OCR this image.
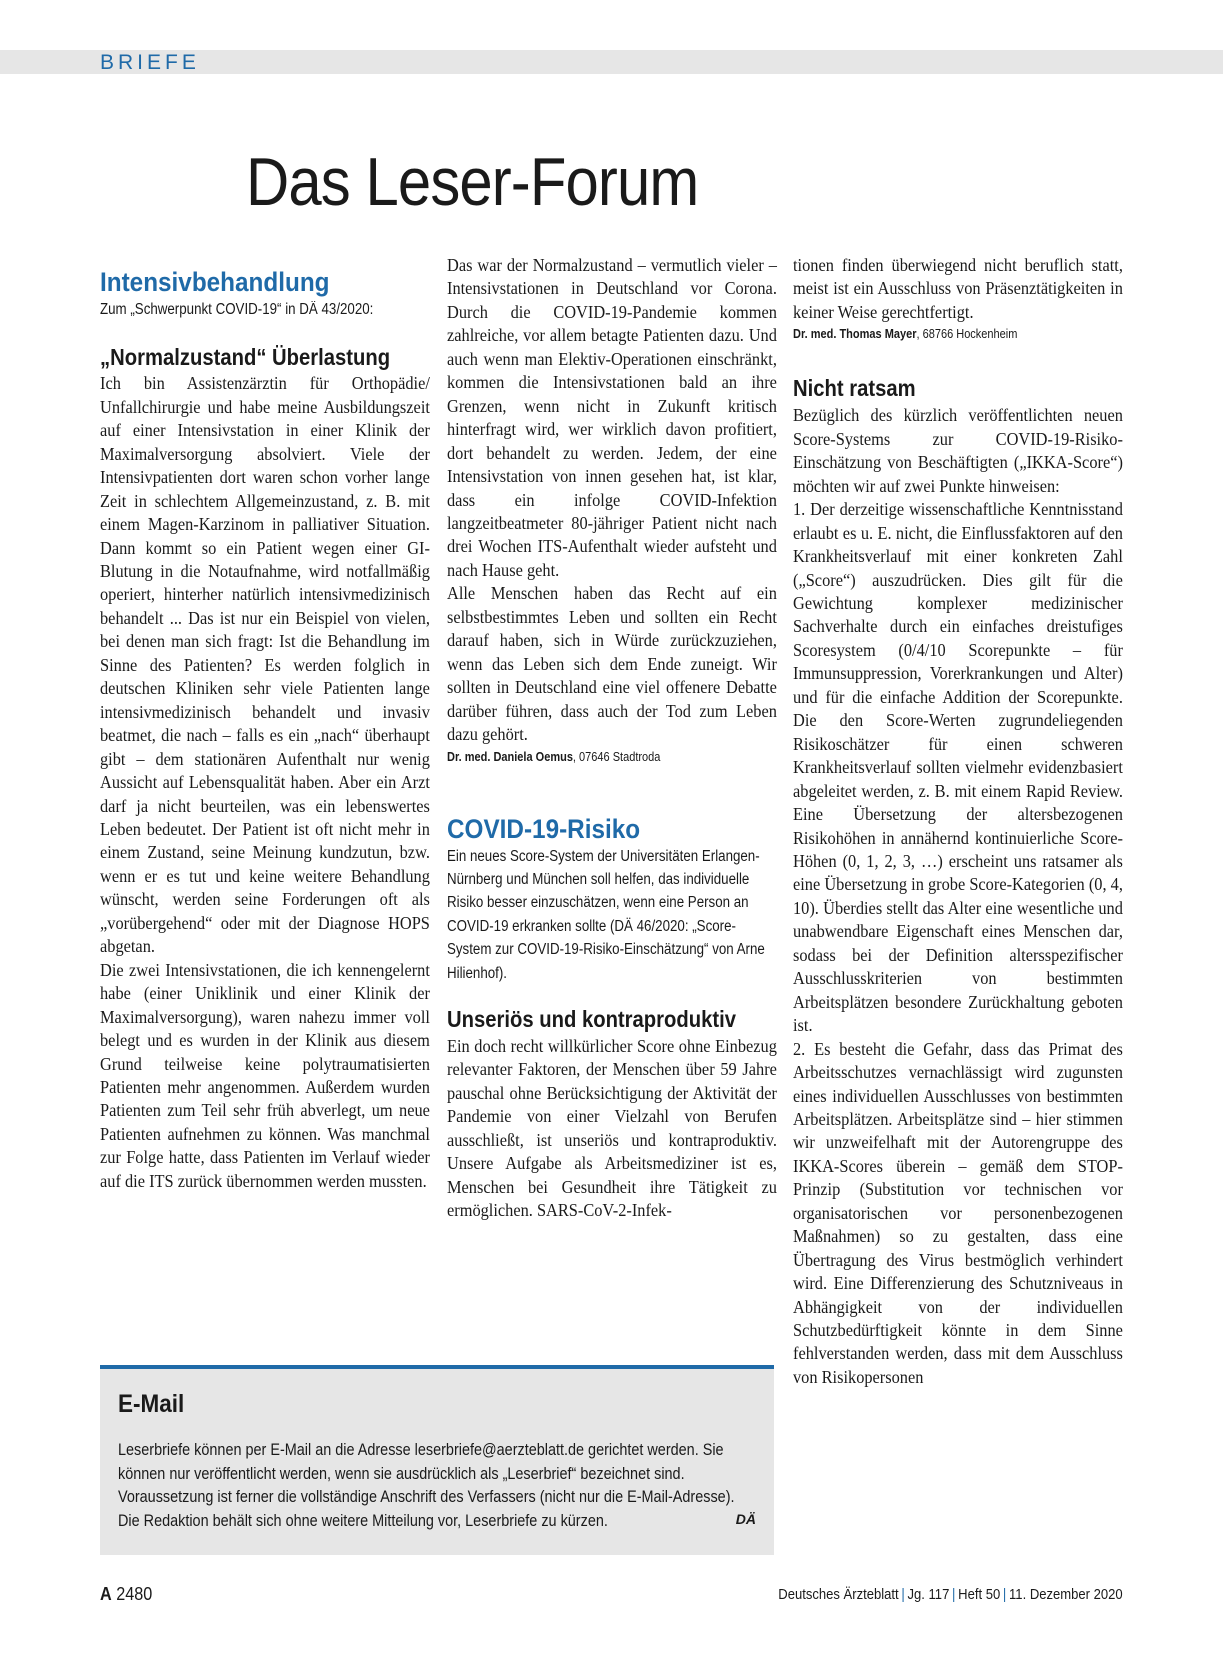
BRIEFE
Das Leser-Forum
Intensivbehandlung

Zum „Schwerpunkt COVID-19“ in DÄ 43/2020:

„Normalzustand“ Überlastung

Ich bin Assistenzärztin für Orthopädie/ Unfallchirurgie und habe meine Ausbildungszeit auf einer Intensivstation in einer Klinik der Maximalversorgung absolviert. Viele der Intensivpatienten dort waren schon vorher lange Zeit in schlechtem Allgemeinzustand, z. B. mit einem Magen-Karzinom in palliativer Situation. Dann kommt so ein Patient wegen einer GI-Blutung in die Notaufnahme, wird notfallmäßig operiert, hinterher natürlich intensivmedizinisch behandelt ... Das ist nur ein Beispiel von vielen, bei denen man sich fragt: Ist die Behandlung im Sinne des Patienten? Es werden folglich in deutschen Kliniken sehr viele Patienten lange intensivmedizinisch behandelt und invasiv beatmet, die nach – falls es ein „nach“ überhaupt gibt – dem stationären Aufenthalt nur wenig Aussicht auf Lebensqualität haben. Aber ein Arzt darf ja nicht beurteilen, was ein lebenswertes Leben bedeutet. Der Patient ist oft nicht mehr in einem Zustand, seine Meinung kundzutun, bzw. wenn er es tut und keine weitere Behandlung wünscht, werden seine Forderungen oft als „vorübergehend“ oder mit der Diagnose HOPS abgetan.

Die zwei Intensivstationen, die ich kennengelernt habe (einer Uniklinik und einer Klinik der Maximalversorgung), waren nahezu immer voll belegt und es wurden in der Klinik aus diesem Grund teilweise keine polytraumatisierten Patienten mehr angenommen. Außerdem wurden Patienten zum Teil sehr früh abverlegt, um neue Patienten aufnehmen zu können. Was manchmal zur Folge hatte, dass Patienten im Verlauf wieder auf die ITS zurück übernommen werden mussten.

Das war der Normalzustand – vermutlich vieler – Intensivstationen in Deutschland vor Corona. Durch die COVID-19-Pandemie kommen zahlreiche, vor allem betagte Patienten dazu. Und auch wenn man Elektiv-Operationen einschränkt, kommen die Intensivstationen bald an ihre Grenzen, wenn nicht in Zukunft kritisch hinterfragt wird, wer wirklich davon profitiert, dort behandelt zu werden. Jedem, der eine Intensivstation von innen gesehen hat, ist klar, dass ein infolge COVID-Infektion langzeitbeatmeter 80-jähriger Patient nicht nach drei Wochen ITS-Aufenthalt wieder aufsteht und nach Hause geht.

Alle Menschen haben das Recht auf ein selbstbestimmtes Leben und sollten ein Recht darauf haben, sich in Würde zurückzuziehen, wenn das Leben sich dem Ende zuneigt. Wir sollten in Deutschland eine viel offenere Debatte darüber führen, dass auch der Tod zum Leben dazu gehört.

Dr. med. Daniela Oemus, 07646 Stadtroda

COVID-19-Risiko

Ein neues Score-System der Universitäten Erlangen-Nürnberg und München soll helfen, das individuelle Risiko besser einzuschätzen, wenn eine Person an COVID-19 erkranken sollte (DÄ 46/2020: „Score-System zur COVID-19-Risiko-Einschätzung“ von Arne Hilienhof).

Unseriös und kontraproduktiv

Ein doch recht willkürlicher Score ohne Einbezug relevanter Faktoren, der Menschen über 59 Jahre pauschal ohne Berücksichtigung der Aktivität der Pandemie von einer Vielzahl von Berufen ausschließt, ist unseriös und kontraproduktiv. Unsere Aufgabe als Arbeitsmediziner ist es, Menschen bei Gesundheit ihre Tätigkeit zu ermöglichen. SARS-CoV-2-Infek-

tionen finden überwiegend nicht beruflich statt, meist ist ein Ausschluss von Präsenztätigkeiten in keiner Weise gerechtfertigt.

Dr. med. Thomas Mayer, 68766 Hockenheim

Nicht ratsam

Bezüglich des kürzlich veröffentlichten neuen Score-Systems zur COVID-19-Risiko-Einschätzung von Beschäftigten („IKKA-Score“) möchten wir auf zwei Punkte hinweisen:

1. Der derzeitige wissenschaftliche Kenntnisstand erlaubt es u. E. nicht, die Einflussfaktoren auf den Krankheitsverlauf mit einer konkreten Zahl („Score“) auszudrücken. Dies gilt für die Gewichtung komplexer medizinischer Sachverhalte durch ein einfaches dreistufiges Scoresystem (0/4/10 Scorepunkte – für Immunsuppression, Vorerkrankungen und Alter) und für die einfache Addition der Scorepunkte. Die den Score-Werten zugrundeliegenden Risikoschätzer für einen schweren Krankheitsverlauf sollten vielmehr evidenzbasiert abgeleitet werden, z. B. mit einem Rapid Review. Eine Übersetzung der altersbezogenen Risikohöhen in annähernd kontinuierliche Score-Höhen (0, 1, 2, 3, …) erscheint uns ratsamer als eine Übersetzung in grobe Score-Kategorien (0, 4, 10). Überdies stellt das Alter eine wesentliche und unabwendbare Eigenschaft eines Menschen dar, sodass bei der Definition altersspezifischer Ausschlusskriterien von bestimmten Arbeitsplätzen besondere Zurückhaltung geboten ist.

2. Es besteht die Gefahr, dass das Primat des Arbeitsschutzes vernachlässigt wird zugunsten eines individuellen Ausschlusses von bestimmten Arbeitsplätzen. Arbeitsplätze sind – hier stimmen wir unzweifelhaft mit der Autorengruppe des IKKA-Scores überein – gemäß dem STOP-Prinzip (Substitution vor technischen vor organisatorischen vor personenbezogenen Maßnahmen) so zu gestalten, dass eine Übertragung des Virus bestmöglich verhindert wird. Eine Differenzierung des Schutzniveaus in Abhängigkeit von der individuellen Schutzbedürftigkeit könnte in dem Sinne fehlverstanden werden, dass mit dem Ausschluss von Risikopersonen

E-Mail

Leserbriefe können per E-Mail an die Adresse leserbriefe@aerzteblatt.de gerichtet werden. Sie können nur veröffentlicht werden, wenn sie ausdrücklich als „Leserbrief“ bezeichnet sind. Voraussetzung ist ferner die vollständige Anschrift des Verfassers (nicht nur die E-Mail-Adresse). Die Redaktion behält sich ohne weitere Mitteilung vor, Leserbriefe zu kürzen.	DÄ
A 2480	Deutsches Ärzteblatt | Jg. 117 | Heft 50 | 11. Dezember 2020
